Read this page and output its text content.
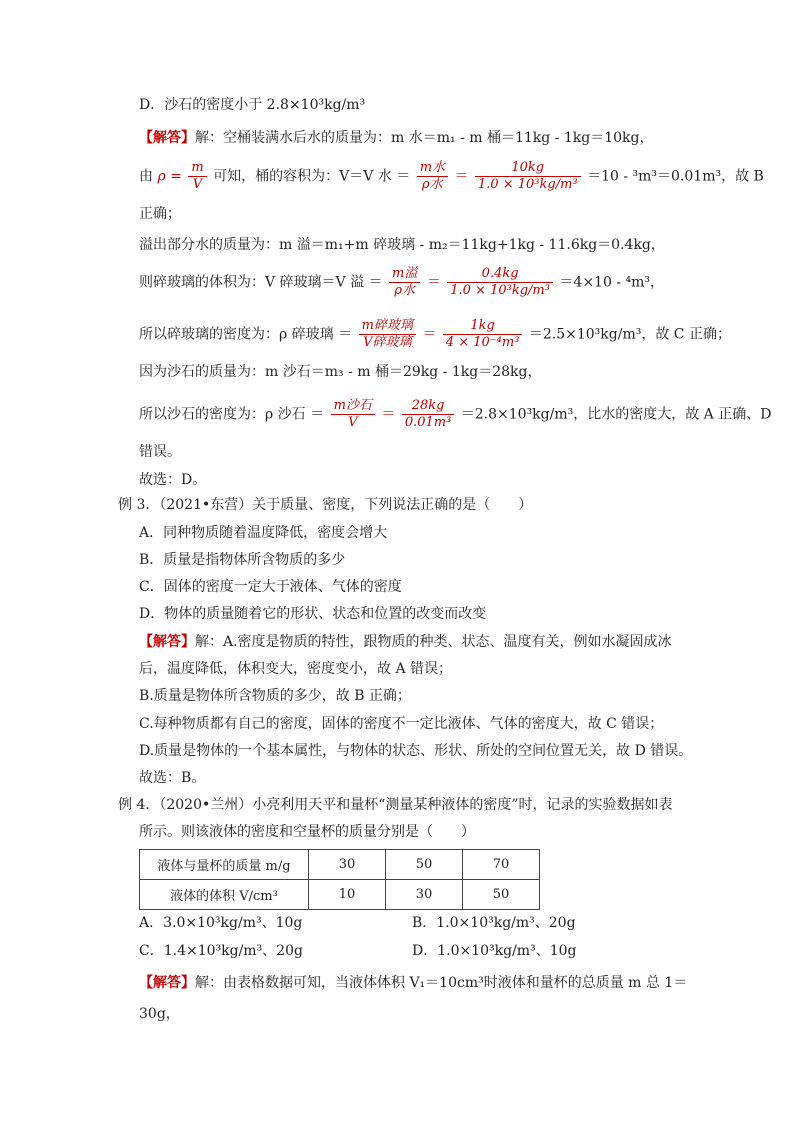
D．沙石的密度小于 2.8×10³kg/m³
【解答】解：空桶装满水后水的质量为：m 水＝m₁ - m 桶＝11kg - 1kg＝10kg，
由 $\rho = \frac{m}{V}$ 可知，桶的容积为：V＝V 水 ＝
m水
ρ水 ＝ $\frac{10kg}{\text{1.0 × 10³kg/m³}} =10 - ^3m^3=0.01m^3$，故 B
正确；
溢出部分水的质量为：m 溢＝m₁+m 碎玻璃 - m₂＝11kg+1kg - 11.6kg＝0.4kg，
则碎玻璃的体积为：V 碎玻璃＝V 溢 ＝
m溢
ρ水 ＝ $\frac{0.4kg}{\text{1.0 × 10³kg/m³}} =4\times 10 - ^4m^3$，
所以碎玻璃的密度为：ρ 碎玻璃 ＝
m碎玻璃
V碎玻璃 ＝ $\frac{1kg}{\text{4 × 10⁻⁴m³}} =2.5\times 10^3kg/m^3$，故 C 正确；
因为沙石的质量为：m 沙石＝m₃ - m 桶＝29kg - 1kg＝28kg，
所以沙石的密度为：ρ 沙石 ＝
m沙石
V	＝ $\frac{28kg}{\text{0.01m³}} =2.8\times 10^3kg/m^3$，比水的密度大，故 A 正确、D
错误。
故选：D。
例 3．（2021•东营）关于质量、密度，下列说法正确的是（　　）
A．同种物质随着温度降低，密度会增大
B．质量是指物体所含物质的多少
C．固体的密度一定大于液体、气体的密度
D．物体的质量随着它的形状、状态和位置的改变而改变
【解答】解：A.密度是物质的特性，跟物质的种类、状态、温度有关，例如水凝固成冰
后，温度降低，体积变大，密度变小，故 A 错误；
B.质量是物体所含物质的多少，故 B 正确；
C.每种物质都有自己的密度，固体的密度不一定比液体、气体的密度大，故 C 错误；
D.质量是物体的一个基本属性，与物体的状态、形状、所处的空间位置无关，故 D 错误。
故选：B。
例 4．（2020•兰州）小亮利用天平和量杯“测量某种液体的密度”时，记录的实验数据如表
所示。则该液体的密度和空量杯的质量分别是（　　）
液体与量杯的质量 m/g	30	50	70
液体的体积 V/cm³	10	30	50
A．3.0×10³kg/m³、10g	B．1.0×10³kg/m³、20g
C．1.4×10³kg/m³、20g	D．1.0×10³kg/m³、10g
【解答】解：由表格数据可知，当液体体积 V₁＝10cm³时液体和量杯的总质量 m 总 1＝
30g，
